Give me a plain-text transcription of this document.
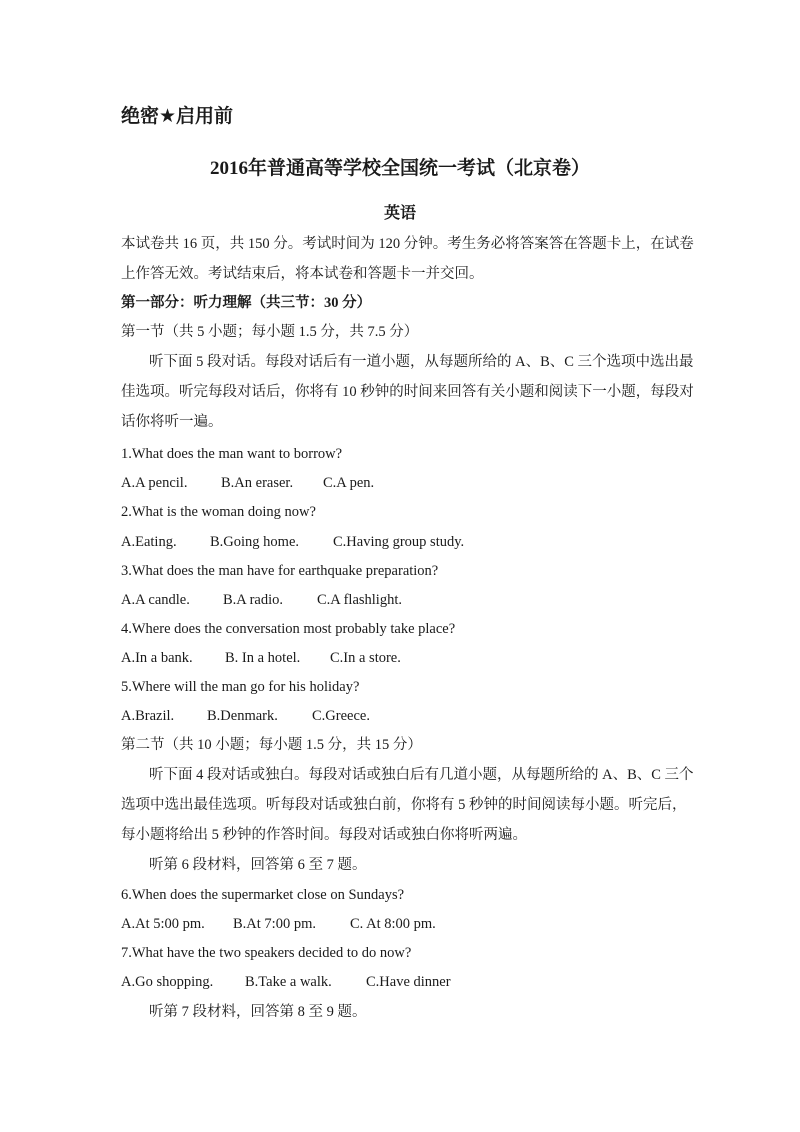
绝密★启用前
2016年普通高等学校全国统一考试（北京卷）
英语
本试卷共 16 页，共 150 分。考试时间为 120 分钟。考生务必将答案答在答题卡上，在试卷
上作答无效。考试结束后，将本试卷和答题卡一并交回。
第一部分：听力理解（共三节：30 分）
第一节（共 5 小题；每小题 1.5 分，共 7.5 分）
听下面 5 段对话。每段对话后有一道小题，从每题所给的 A、B、C 三个选项中选出最
佳选项。听完每段对话后，你将有 10 秒钟的时间来回答有关小题和阅读下一小题，每段对
话你将听一遍。
1.What does the man want to borrow?
A.A pencil. B.An eraser. C.A pen.
2.What is the woman doing now?
A.Eating. B.Going home. C.Having group study.
3.What does the man have for earthquake preparation?
A.A candle. B.A radio. C.A flashlight.
4.Where does the conversation most probably take place?
A.In a bank. B. In a hotel. C.In a store.
5.Where will the man go for his holiday?
A.Brazil. B.Denmark. C.Greece.
第二节（共 10 小题；每小题 1.5 分，共 15 分）
听下面 4 段对话或独白。每段对话或独白后有几道小题，从每题所给的 A、B、C 三个
选项中选出最佳选项。听每段对话或独白前，你将有 5 秒钟的时间阅读每小题。听完后，
每小题将给出 5 秒钟的作答时间。每段对话或独白你将听两遍。
听第 6 段材料，回答第 6 至 7 题。
6.When does the supermarket close on Sundays?
A.At 5:00 pm. B.At 7:00 pm. C. At 8:00 pm.
7.What have the two speakers decided to do now?
A.Go shopping. B.Take a walk. C.Have dinner
听第 7 段材料，回答第 8 至 9 题。
